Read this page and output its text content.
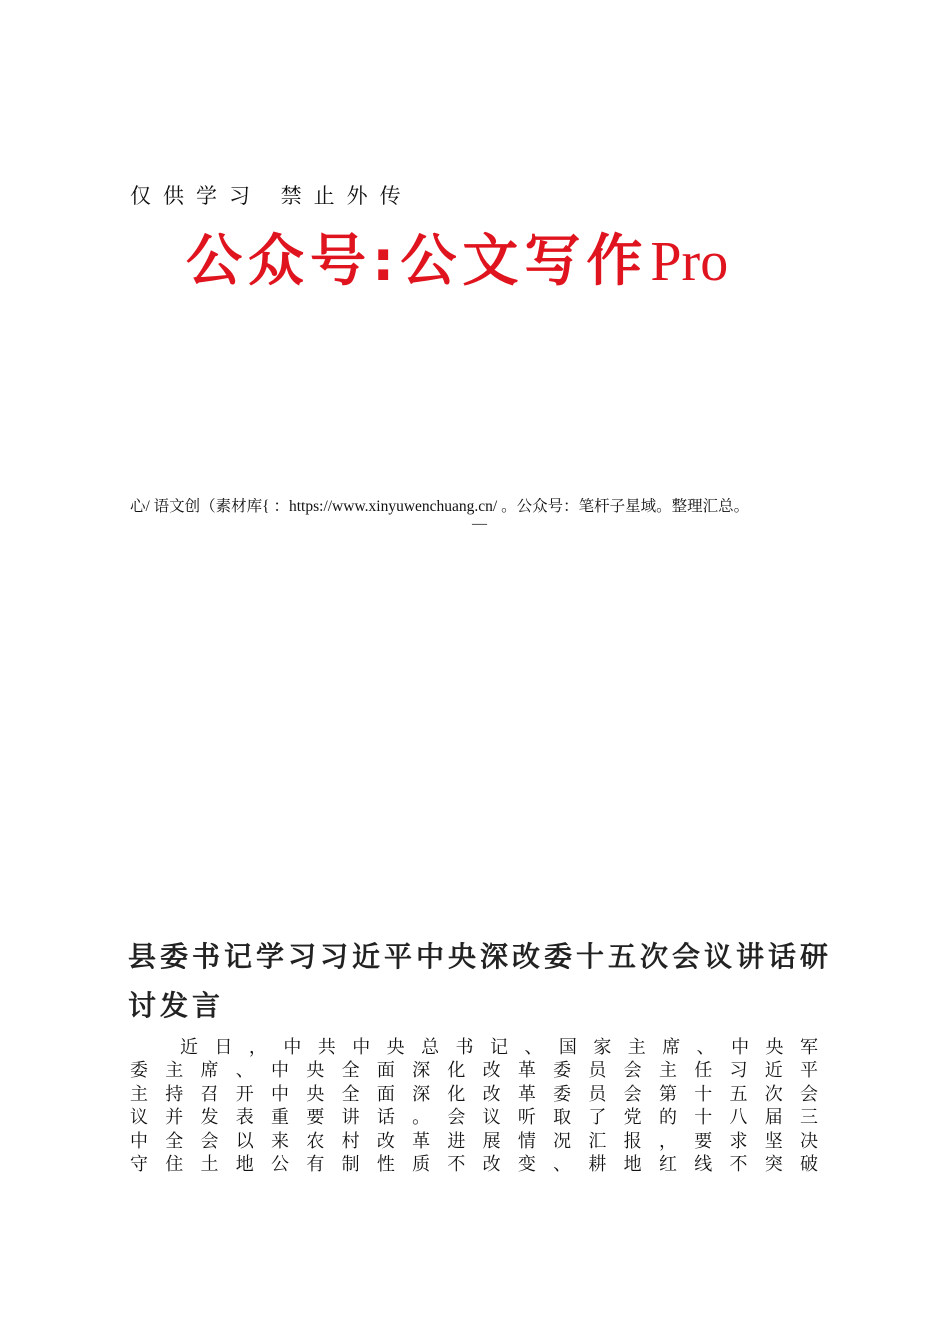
仅供学习 禁止外传
公众号:公文写作Pro
心/ 语文创（素材库{ ：https://www.xinyuwenchuang.cn/ 。公众号：笔杆子星域。整理汇总。
—
县委书记学习习近平中央深改委十五次会议讲话研讨发言
近 日 ， 中 共 中 央 总 书 记 、 国 家 主 席 、 中 央 军
委 主 席 、 中 央 全 面 深 化 改 革 委 员 会 主 任 习 近 平
主 持 召 开 中 央 全 面 深 化 改 革 委 员 会 第 十 五 次 会
议 并 发 表 重 要 讲 话 。 会 议 听 取 了 党 的 十 八 届 三
中 全 会 以 来 农 村 改 革 进 展 情 况 汇 报 ， 要 求 坚 决
守 住 土 地 公 有 制 性 质 不 改 变 、 耕 地 红 线 不 突 破
